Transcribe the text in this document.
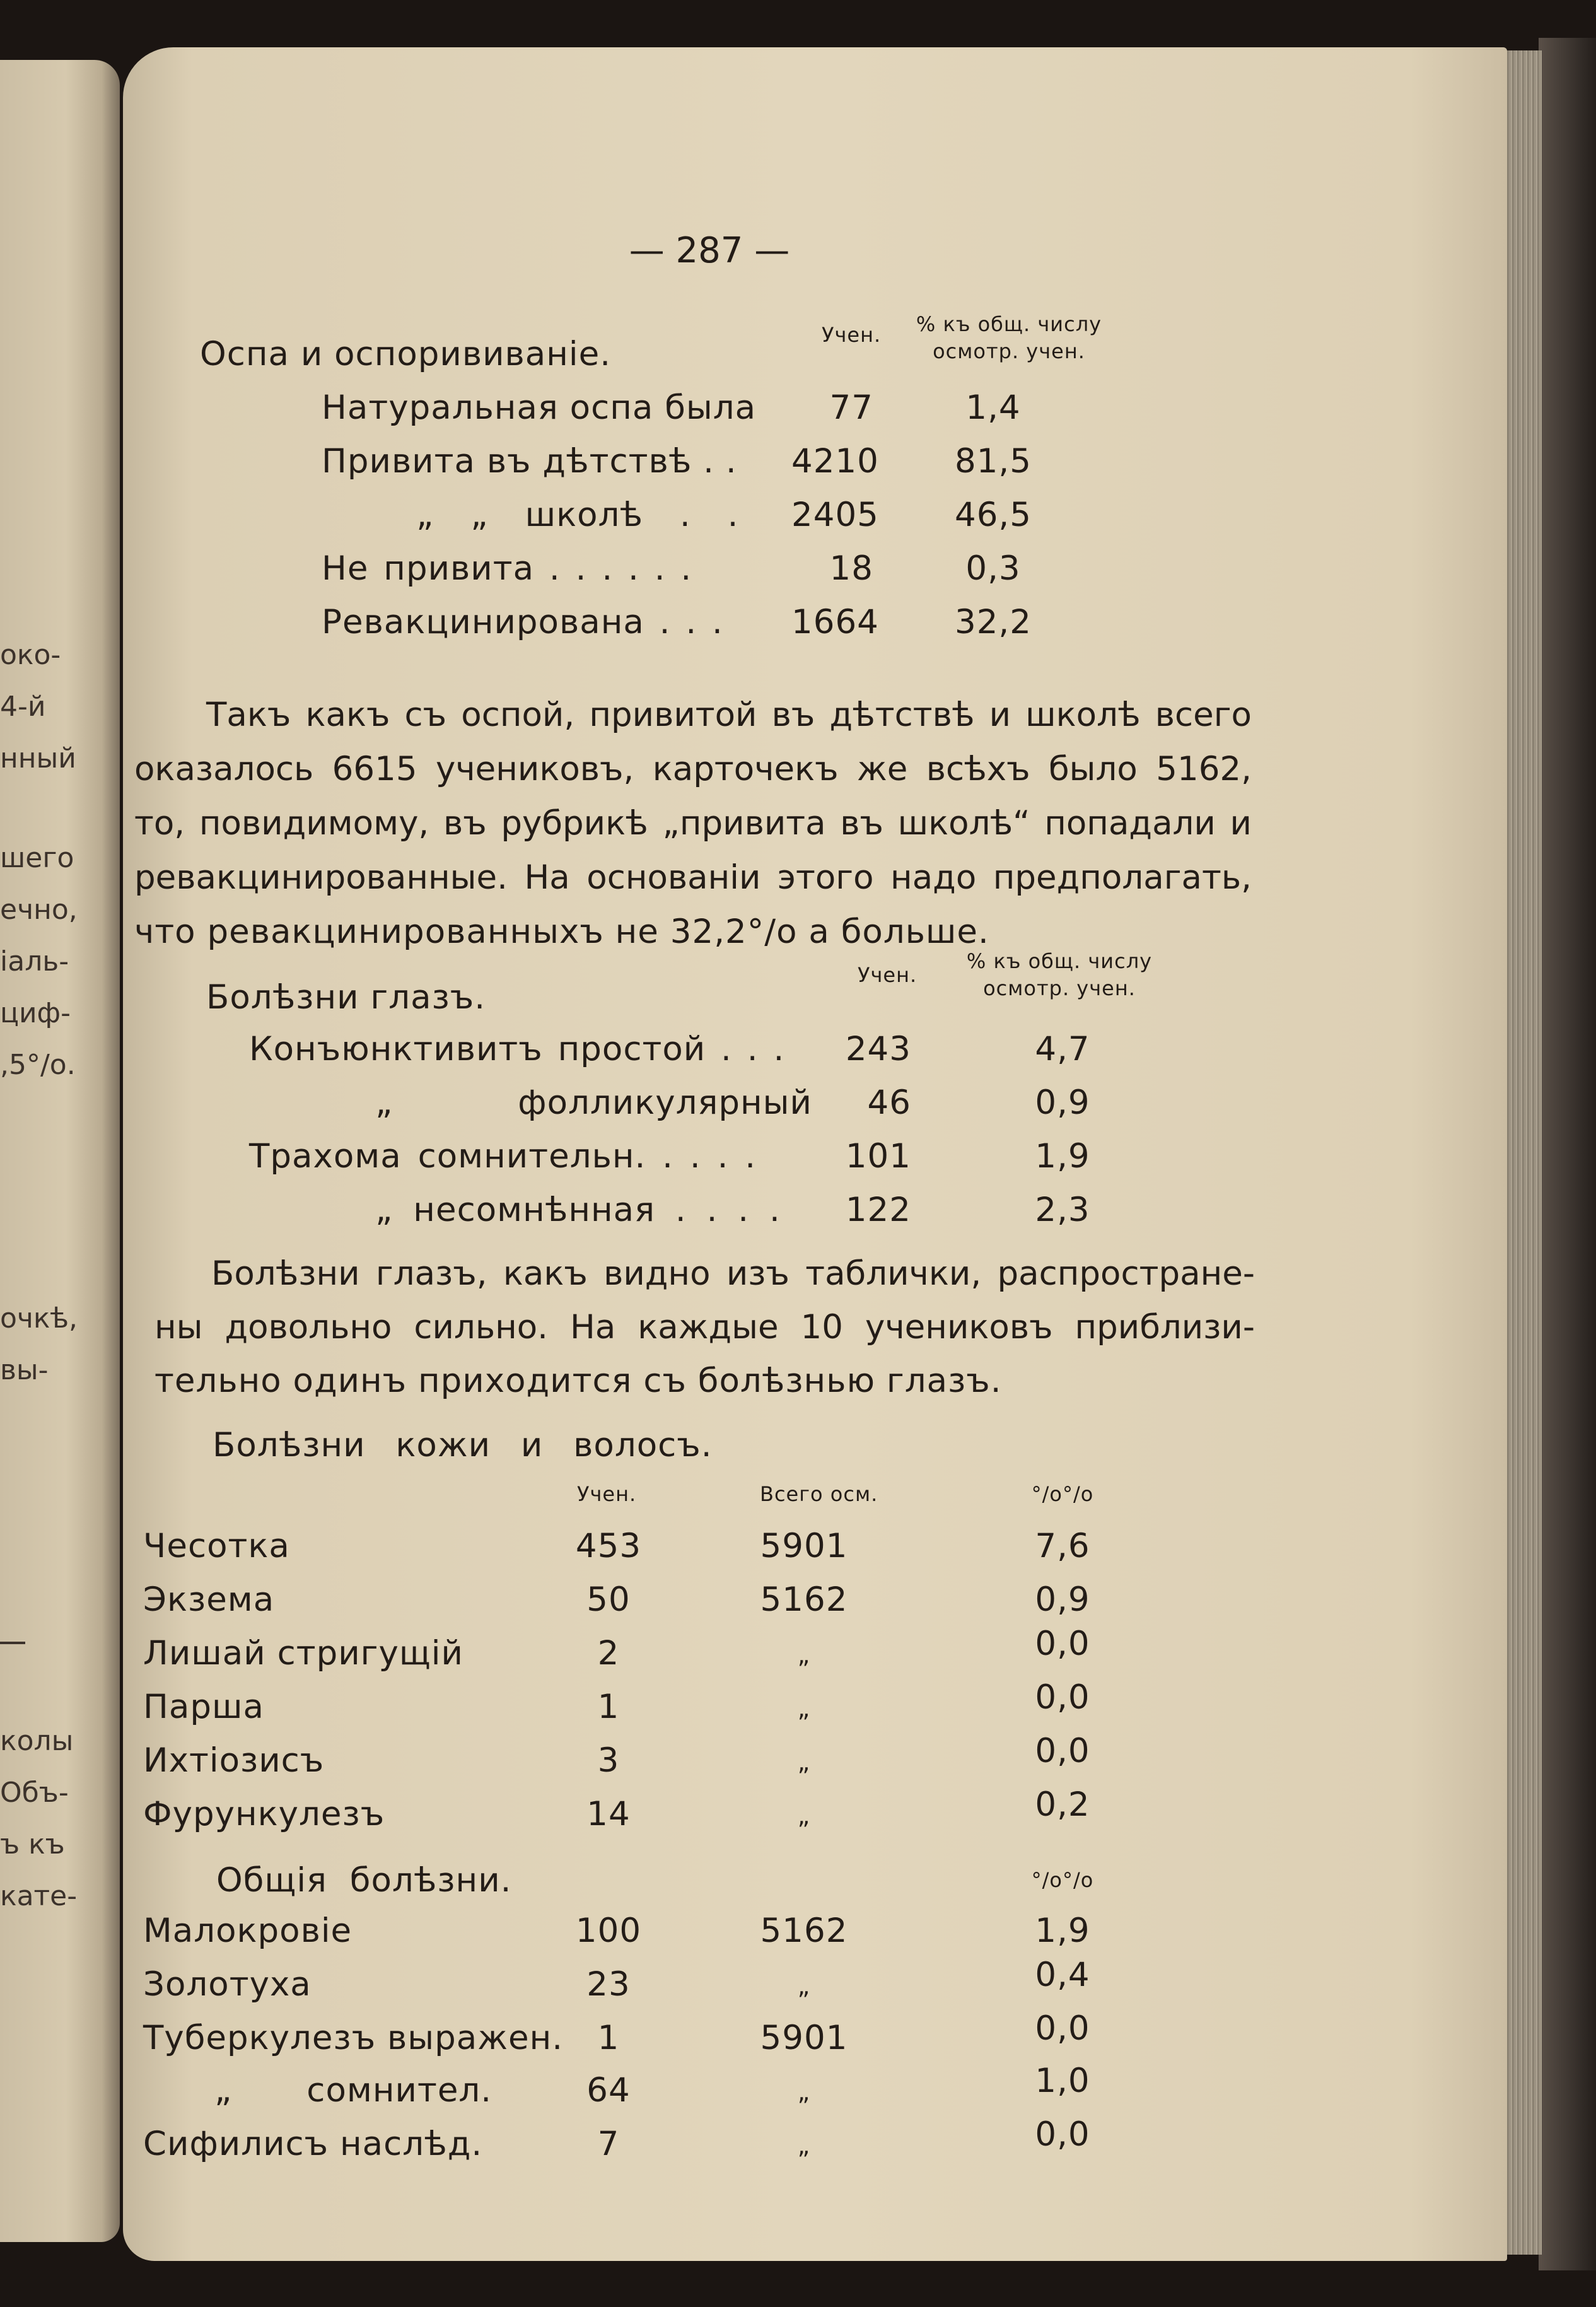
око-
4-й
нный
шего
ечно,
іаль-
циф-
,5°/о.
очкѣ,
вы-
колы
Объ-
ъ къ
кате-
— 287 —
Оспа и оспорививаніе.	Учен.	% къ общ. числу осмотр. учен.
Натуральная оспа была	77	1,4
Привита въ дѣтствѣ . . 4210	81,5
„ „ школѣ . . 2405	46,5
Не привита . . . . . .	18	0,3
Ревакцинирована . . . 1664	32,2
Такъ какъ съ оспой, привитой въ дѣтствѣ и школѣ всего
оказалось 6615 учениковъ, карточекъ же всѣхъ было 5162,
то, повидимому, въ рубрикѣ „привита въ школѣ“ попадали и
ревакцинированные. На основаніи этого надо предполагать,
что ревакцинированныхъ не 32,2°/о а больше.
Болѣзни глазъ.
Учен.
% къ общ. числу осмотр. учен.
Конъюнктивитъ простой . . .	243	4,7
„ фолликулярный	46	0,9
Трахома сомнительн. . . . .	101	1,9
„ несомнѣнная . . . .	122	2,3
Болѣзни глазъ, какъ видно изъ таблички, распростране-
ны довольно сильно. На каждые 10 учениковъ приблизи-
тельно одинъ приходится съ болѣзнью глазъ.
Болѣзни кожи и волосъ.
Учен.	Всего осм.	°/о°/о
Чесотка	453	5901	7,6
Экзема	50	5162	0,9
Лишай стригущій	2	„	0,0
Парша	1	„	0,0
Ихтіозисъ	3	„	0,0
Фурункулезъ	14	„	0,2
Общія болѣзни.	°/о°/о
Малокровіе	100	5162	1,9
Золотуха	23	„	0,4
Туберкулезъ выражен.	1	5901	0,0
„ сомнител.	64	„	1,0
Сифилисъ наслѣд.	7	„	0,0
